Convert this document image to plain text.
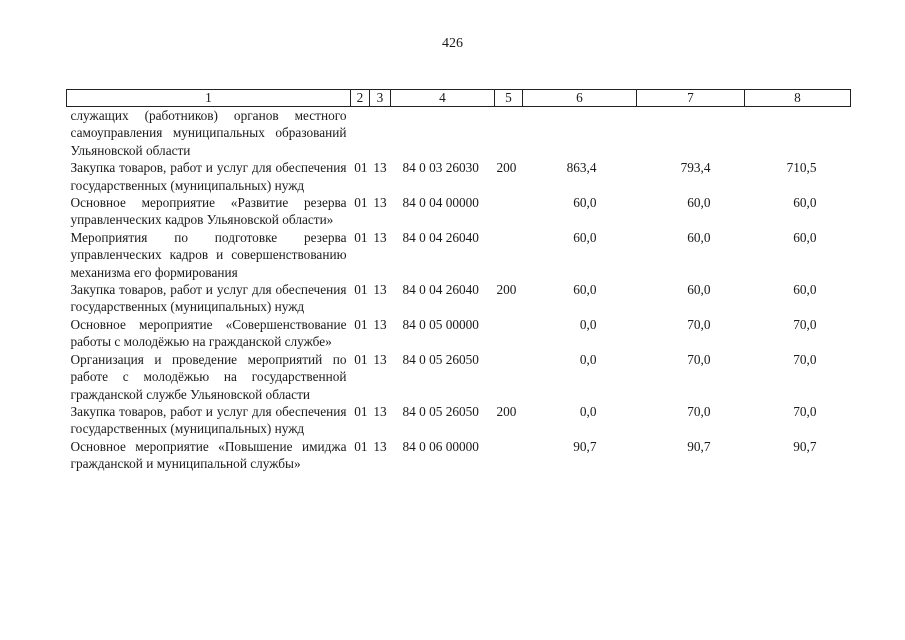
426
1	2	3	4	5	6	7	8
служащих (работников) органов местного самоуправления муниципальных образований Ульяновской области							
Закупка товаров, работ и услуг для обеспечения государственных (муниципальных) нужд	01	13	84 0 03 26030	200	863,4	793,4	710,5
Основное мероприятие «Развитие резерва управленческих кадров Ульяновской области»	01	13	84 0 04 00000		60,0	60,0	60,0
Мероприятия по подготовке резерва управленческих кадров и совершенствованию механизма его формирования	01	13	84 0 04 26040		60,0	60,0	60,0
Закупка товаров, работ и услуг для обеспечения государственных (муниципальных) нужд	01	13	84 0 04 26040	200	60,0	60,0	60,0
Основное мероприятие «Совершенствование работы с молодёжью на гражданской службе»	01	13	84 0 05 00000		0,0	70,0	70,0
Организация и проведение мероприятий по работе с молодёжью на государственной гражданской службе Ульяновской области	01	13	84 0 05 26050		0,0	70,0	70,0
Закупка товаров, работ и услуг для обеспечения государственных (муниципальных) нужд	01	13	84 0 05 26050	200	0,0	70,0	70,0
Основное мероприятие «Повышение имиджа гражданской и муниципальной службы»	01	13	84 0 06 00000		90,7	90,7	90,7
